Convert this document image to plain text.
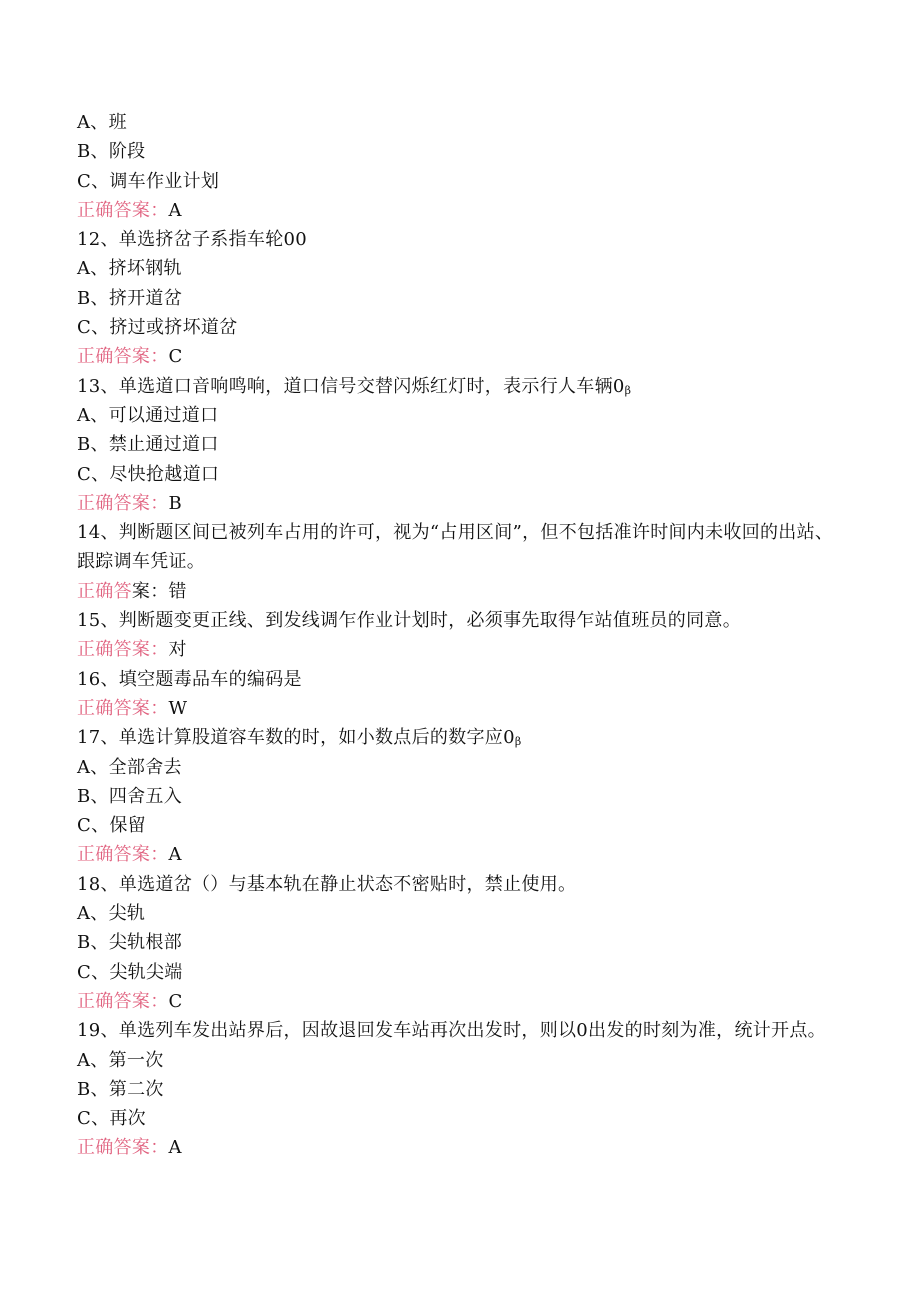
A、班
B、阶段
C、调车作业计划
正确答案：A
12、单选挤岔子系指车轮00
A、挤坏钢轨
B、挤开道岔
C、挤过或挤坏道岔
正确答案：C
13、单选道口音响鸣响，道口信号交替闪烁红灯时，表示行人车辆0β
A、可以通过道口
B、禁止通过道口
C、尽快抢越道口
正确答案：B
14、判断题区间已被列车占用的许可，视为“占用区间”，但不包括准许时间内未收回的出站、跟踪调车凭证。
正确答案：错
15、判断题变更正线、到发线调乍作业计划时，必须事先取得乍站值班员的同意。
正确答案：对
16、填空题毒品车的编码是
正确答案：W
17、单选计算股道容车数的时，如小数点后的数字应0β
A、全部舍去
B、四舍五入
C、保留
正确答案：A
18、单选道岔（）与基本轨在静止状态不密贴时，禁止使用。
A、尖轨
B、尖轨根部
C、尖轨尖端
正确答案：C
19、单选列车发出站界后，因故退回发车站再次出发时，则以0出发的时刻为准，统计开点。
A、第一次
B、第二次
C、再次
正确答案：A
